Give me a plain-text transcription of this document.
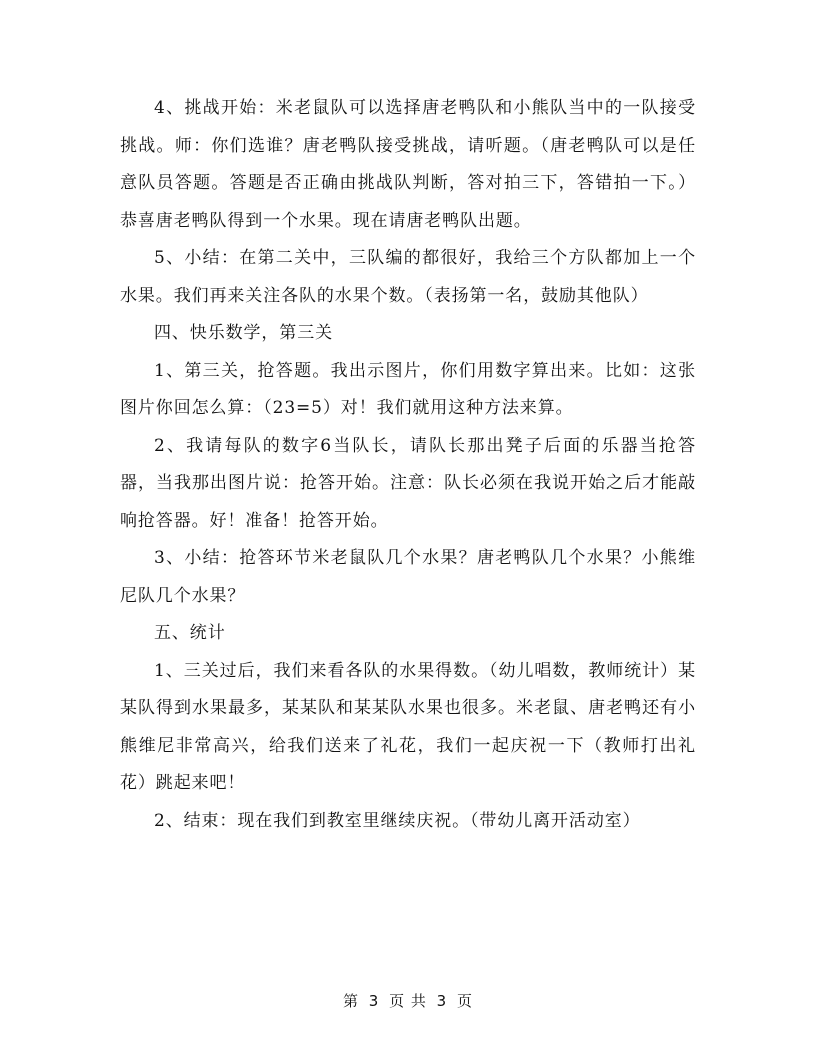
4、挑战开始：米老鼠队可以选择唐老鸭队和小熊队当中的一队接受挑战。师：你们选谁？唐老鸭队接受挑战，请听题。（唐老鸭队可以是任意队员答题。答题是否正确由挑战队判断，答对拍三下，答错拍一下。）恭喜唐老鸭队得到一个水果。现在请唐老鸭队出题。

5、小结：在第二关中，三队编的都很好，我给三个方队都加上一个水果。我们再来关注各队的水果个数。（表扬第一名，鼓励其他队）

四、快乐数学，第三关

1、第三关，抢答题。我出示图片，你们用数字算出来。比如：这张图片你回怎么算：（23=5）对！我们就用这种方法来算。

2、我请每队的数字6当队长，请队长那出凳子后面的乐器当抢答器，当我那出图片说：抢答开始。注意：队长必须在我说开始之后才能敲响抢答器。好！准备！抢答开始。

3、小结：抢答环节米老鼠队几个水果？唐老鸭队几个水果？小熊维尼队几个水果？

五、统计

1、三关过后，我们来看各队的水果得数。（幼儿唱数，教师统计）某某队得到水果最多，某某队和某某队水果也很多。米老鼠、唐老鸭还有小熊维尼非常高兴，给我们送来了礼花，我们一起庆祝一下（教师打出礼花）跳起来吧！

2、结束：现在我们到教室里继续庆祝。（带幼儿离开活动室）

第 3 页 共 3 页
